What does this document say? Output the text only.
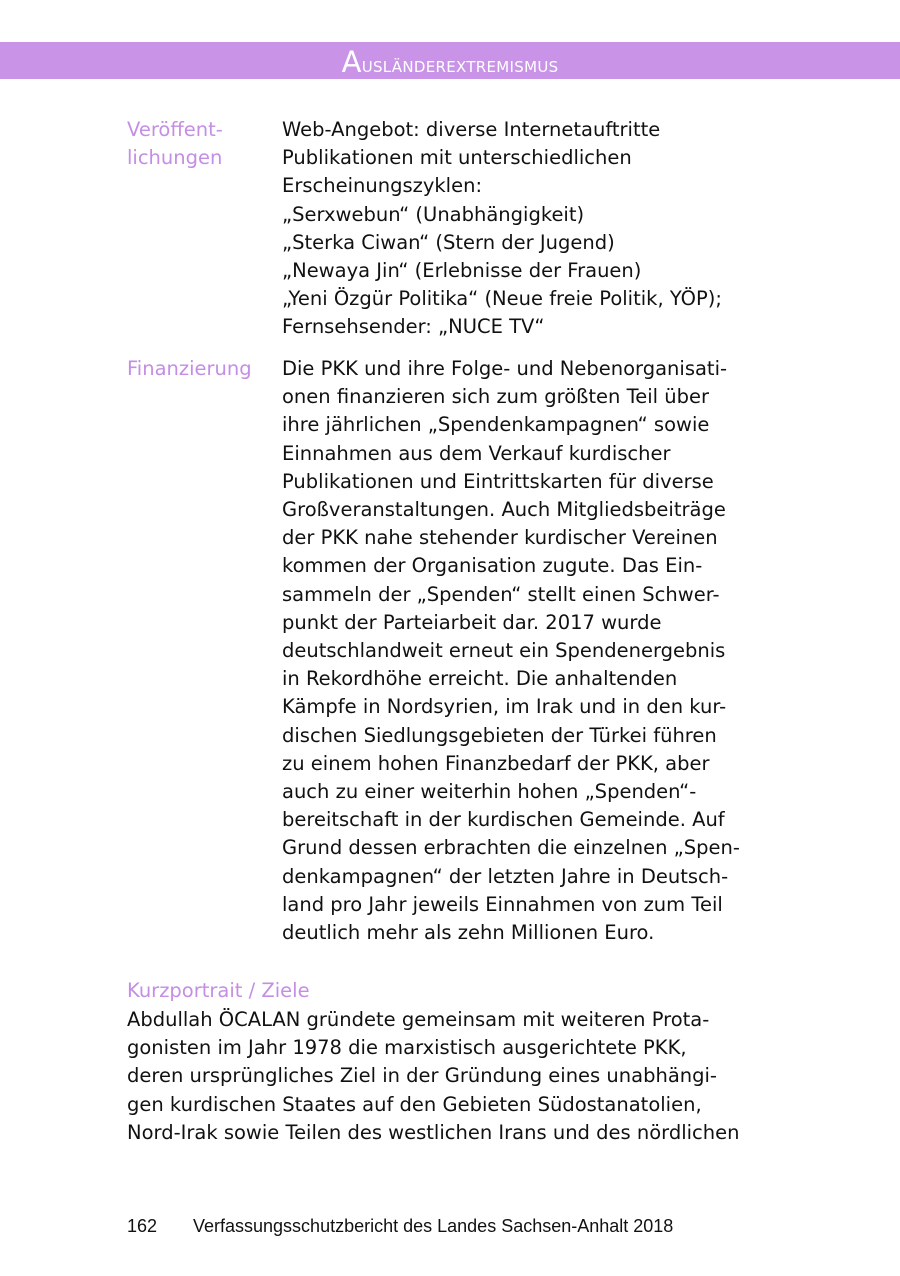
Ausländerextremismus
Veröffent-
lichungen
Web-Angebot: diverse Internetauftritte
Publikationen mit unterschiedlichen
Erscheinungszyklen:
„Serxwebun“ (Unabhängigkeit)
„Sterka Ciwan“ (Stern der Jugend)
„Newaya Jin“ (Erlebnisse der Frauen)
„Yeni Özgür Politika“ (Neue freie Politik, YÖP);
Fernsehsender: „NUCE TV“
Finanzierung Die PKK und ihre Folge- und Nebenorganisati-
onen finanzieren sich zum größten Teil über
ihre jährlichen „Spendenkampagnen“ sowie
Einnahmen aus dem Verkauf kurdischer
Publikationen und Eintrittskarten für diverse
Großveranstaltungen. Auch Mitgliedsbeiträge
der PKK nahe stehender kurdischer Vereinen
kommen der Organisation zugute. Das Ein-
sammeln der „Spenden“ stellt einen Schwer-
punkt der Parteiarbeit dar. 2017 wurde
deutschlandweit erneut ein Spendenergebnis
in Rekordhöhe erreicht. Die anhaltenden
Kämpfe in Nordsyrien, im Irak und in den kur-
dischen Siedlungsgebieten der Türkei führen
zu einem hohen Finanzbedarf der PKK, aber
auch zu einer weiterhin hohen „Spenden“-
bereitschaft in der kurdischen Gemeinde. Auf
Grund dessen erbrachten die einzelnen „Spen-
denkampagnen“ der letzten Jahre in Deutsch-
land pro Jahr jeweils Einnahmen von zum Teil
deutlich mehr als zehn Millionen Euro.
Kurzportrait / Ziele
Abdullah ÖCALAN gründete gemeinsam mit weiteren Prota-
gonisten im Jahr 1978 die marxistisch ausgerichtete PKK,
deren ursprüngliches Ziel in der Gründung eines unabhängi-
gen kurdischen Staates auf den Gebieten Südostanatolien,
Nord-Irak sowie Teilen des westlichen Irans und des nördlichen
162 Verfassungsschutzbericht des Landes Sachsen-Anhalt 2018
